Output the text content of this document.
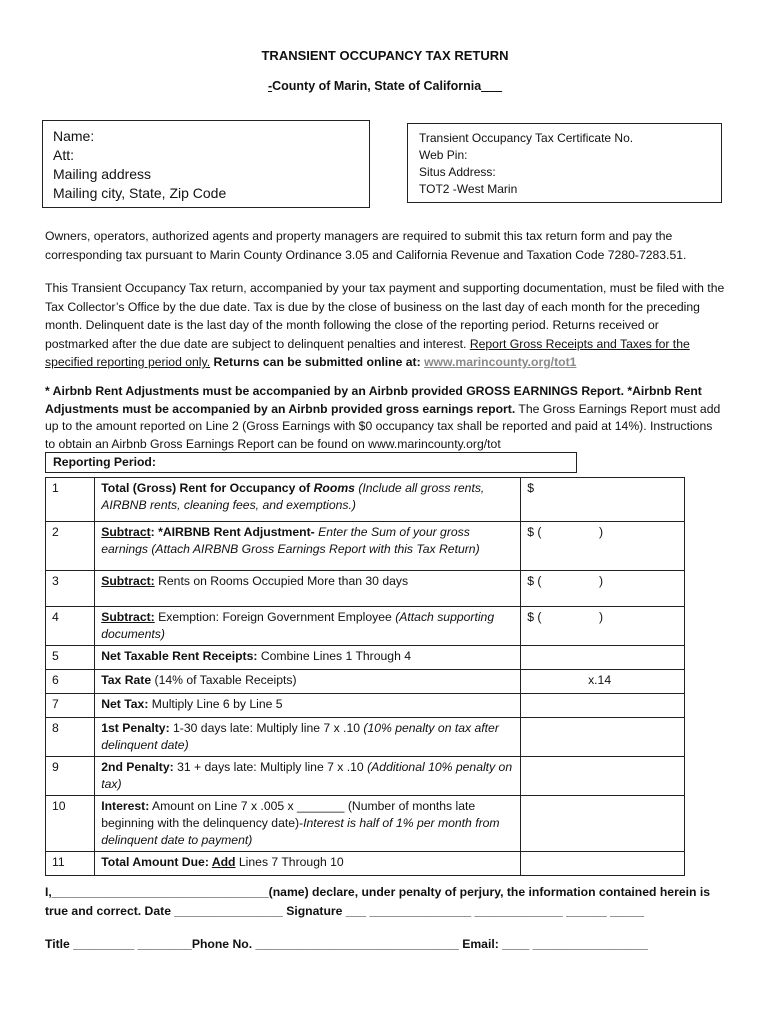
TRANSIENT OCCUPANCY TAX RETURN
-County of Marin, State of California___
Name:
Att:
Mailing address
Mailing city, State, Zip Code
Transient Occupancy Tax Certificate No.
Web Pin:
Situs Address:
TOT2 -West Marin
Owners, operators, authorized agents and property managers are required to submit this tax return form and pay the corresponding tax pursuant to Marin County Ordinance 3.05 and California Revenue and Taxation Code 7280-7283.51.
This Transient Occupancy Tax return, accompanied by your tax payment and supporting documentation, must be filed with the Tax Collector’s Office by the due date. Tax is due by the close of business on the last day of each month for the preceding month. Delinquent date is the last day of the month following the close of the reporting period. Returns received or postmarked after the due date are subject to delinquent penalties and interest. Report Gross Receipts and Taxes for the specified reporting period only. Returns can be submitted online at: www.marincounty.org/tot1
* Airbnb Rent Adjustments must be accompanied by an Airbnb provided GROSS EARNINGS Report. *Airbnb Rent Adjustments must be accompanied by an Airbnb provided gross earnings report. The Gross Earnings Report must add up to the amount reported on Line 2 (Gross Earnings with $0 occupancy tax shall be reported and paid at 14%). Instructions to obtain an Airbnb Gross Earnings Report can be found on www.marincounty.org/tot
Reporting Period:
1	Total (Gross) Rent for Occupancy of Rooms (Include all gross rents, AIRBNB rents, cleaning fees, and exemptions.)	$
2	Subtract: *AIRBNB Rent Adjustment- Enter the Sum of your gross earnings (Attach AIRBNB Gross Earnings Report with this Tax Return)	$ (                 )
3	Subtract: Rents on Rooms Occupied More than 30 days	$ (                 )
4	Subtract: Exemption: Foreign Government Employee (Attach supporting documents)	$ (                 )
5	Net Taxable Rent Receipts: Combine Lines 1 Through 4	
6	Tax Rate (14% of Taxable Receipts)	x.14
7	Net Tax: Multiply Line 6 by Line 5	
8	1st Penalty: 1-30 days late: Multiply line 7 x .10 (10% penalty on tax after delinquent date)	
9	2nd Penalty: 31 + days late: Multiply line 7 x .10 (Additional 10% penalty on tax)	
10	Interest: Amount on Line 7 x .005 x _______ (Number of months late beginning with the delinquency date)-Interest is half of 1% per month from delinquent date to payment)	
11	Total Amount Due: Add Lines 7 Through 10	
I,________________________________(name) declare, under penalty of perjury, the information contained herein is
true and correct. Date ________________ Signature ___ _______________ _____________ ______ _____
Title _________ ________Phone No. ______________________________ Email: ____ _________________
